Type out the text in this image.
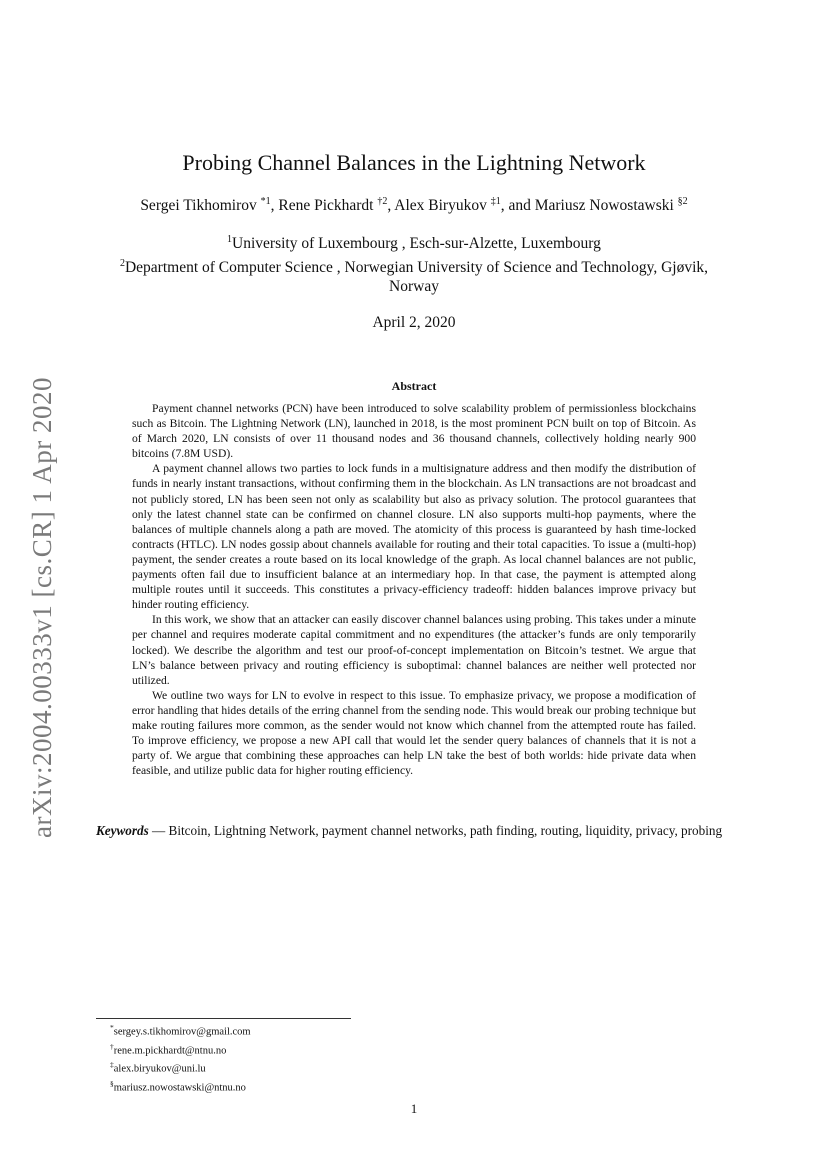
arXiv:2004.00333v1 [cs.CR] 1 Apr 2020
Probing Channel Balances in the Lightning Network
Sergei Tikhomirov $^{*1}$, Rene Pickhardt $^{\dagger 2}$, Alex Biryukov $^{\ddagger 1}$, and Mariusz Nowostawski $^{\S 2}$
$^1$University of Luxembourg , Esch-sur-Alzette, Luxembourg
$^2$Department of Computer Science , Norwegian University of Science and Technology, Gjøvik, Norway
April 2, 2020
Abstract

Payment channel networks (PCN) have been introduced to solve scalability problem of permissionless blockchains such as Bitcoin. The Lightning Network (LN), launched in 2018, is the most prominent PCN built on top of Bitcoin. As of March 2020, LN consists of over 11 thousand nodes and 36 thousand channels, collectively holding nearly 900 bitcoins (7.8M USD).

A payment channel allows two parties to lock funds in a multisignature address and then modify the distribution of funds in nearly instant transactions, without confirming them in the blockchain. As LN transactions are not broadcast and not publicly stored, LN has been seen not only as scalability but also as privacy solution. The protocol guarantees that only the latest channel state can be confirmed on channel closure. LN also supports multi-hop payments, where the balances of multiple channels along a path are moved. The atomicity of this process is guaranteed by hash time-locked contracts (HTLC). LN nodes gossip about channels available for routing and their total capacities. To issue a (multi-hop) payment, the sender creates a route based on its local knowledge of the graph. As local channel balances are not public, payments often fail due to insufficient balance at an intermediary hop. In that case, the payment is attempted along multiple routes until it succeeds. This constitutes a privacy-efficiency tradeoff: hidden balances improve privacy but hinder routing efficiency.

In this work, we show that an attacker can easily discover channel balances using probing. This takes under a minute per channel and requires moderate capital commitment and no expenditures (the attacker’s funds are only temporarily locked). We describe the algorithm and test our proof-of-concept implementation on Bitcoin’s testnet. We argue that LN’s balance between privacy and routing efficiency is suboptimal: channel balances are neither well protected nor utilized.

We outline two ways for LN to evolve in respect to this issue. To emphasize privacy, we propose a modification of error handling that hides details of the erring channel from the sending node. This would break our probing technique but make routing failures more common, as the sender would not know which channel from the attempted route has failed. To improve efficiency, we propose a new API call that would let the sender query balances of channels that it is not a party of. We argue that combining these approaches can help LN take the best of both worlds: hide private data when feasible, and utilize public data for higher routing efficiency.

Keywords — Bitcoin, Lightning Network, payment channel networks, path finding, routing, liquidity, privacy, probing
*sergey.s.tikhomirov@gmail.com
†rene.m.pickhardt@ntnu.no
‡alex.biryukov@uni.lu
§mariusz.nowostawski@ntnu.no
1
